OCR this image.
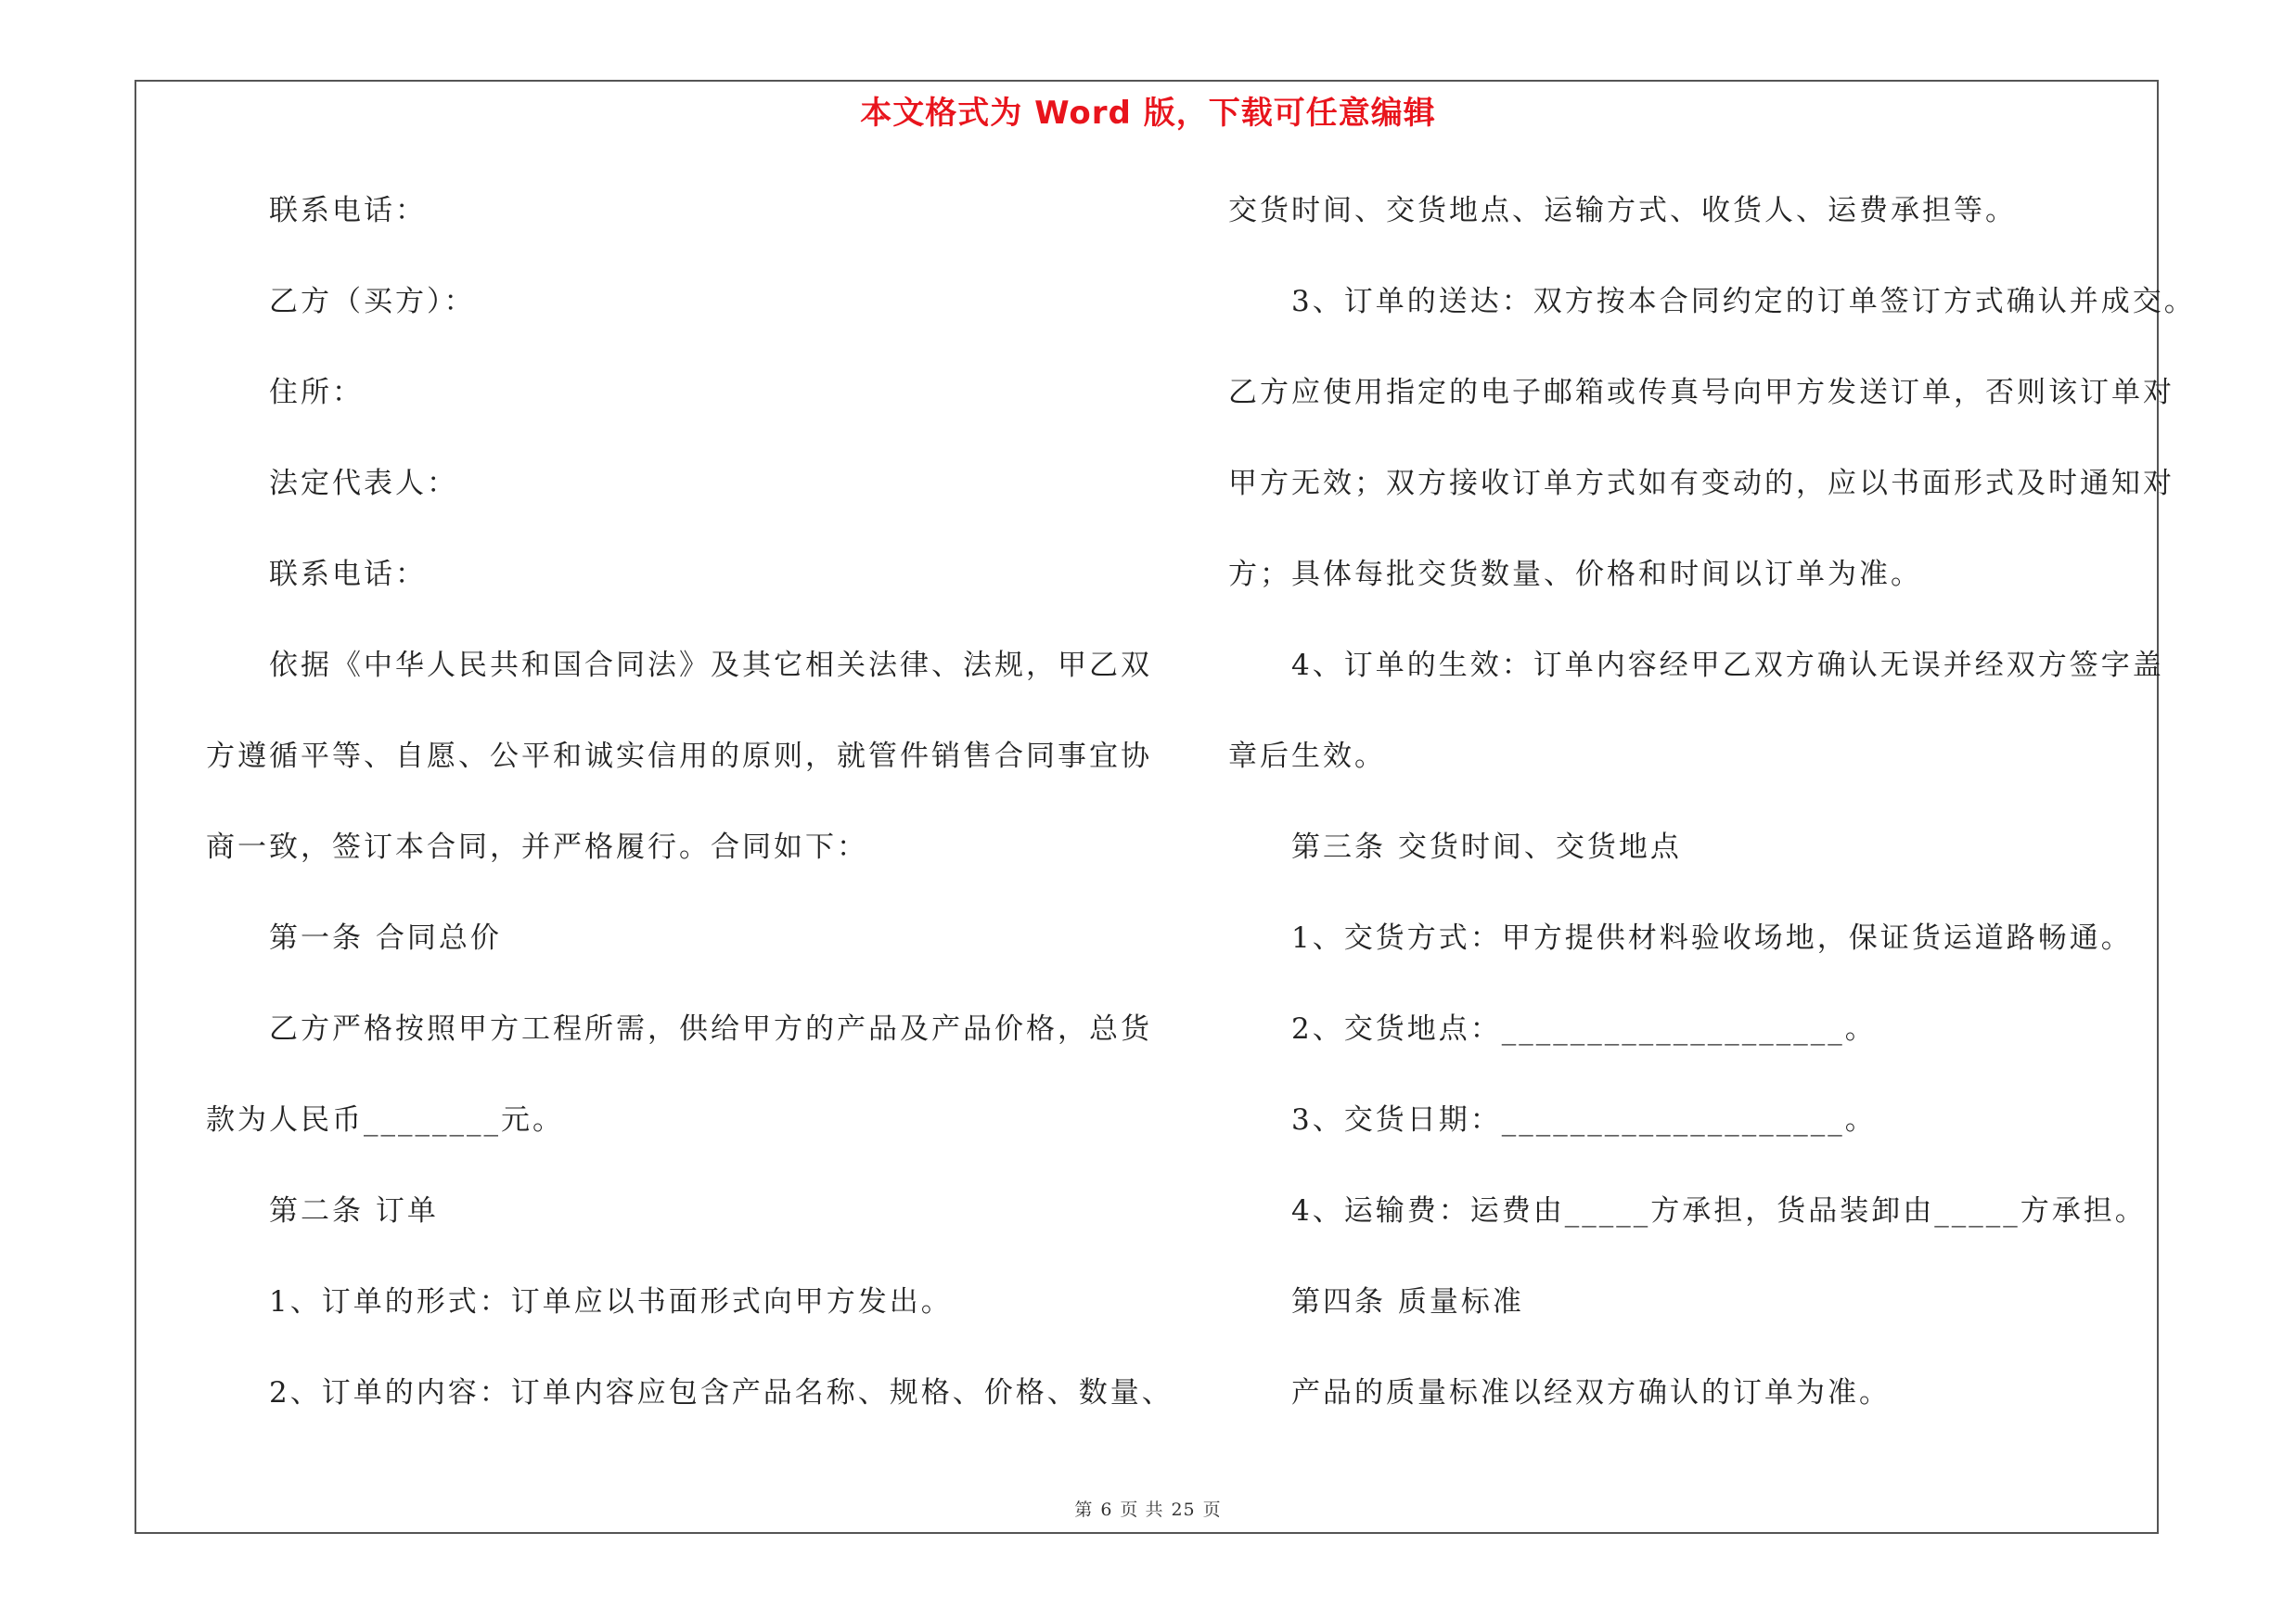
本文格式为 Word 版，下载可任意编辑
联系电话：
乙方（买方）：
住所：
法定代表人：
联系电话：
依据《中华人民共和国合同法》及其它相关法律、法规，甲乙双
方遵循平等、自愿、公平和诚实信用的原则，就管件销售合同事宜协
商一致，签订本合同，并严格履行。合同如下：
第一条 合同总价
乙方严格按照甲方工程所需，供给甲方的产品及产品价格，总货
款为人民币________元。
第二条 订单
1、订单的形式：订单应以书面形式向甲方发出。
2、订单的内容：订单内容应包含产品名称、规格、价格、数量、
交货时间、交货地点、运输方式、收货人、运费承担等。
3、订单的送达：双方按本合同约定的订单签订方式确认并成交。
乙方应使用指定的电子邮箱或传真号向甲方发送订单，否则该订单对
甲方无效；双方接收订单方式如有变动的，应以书面形式及时通知对
方；具体每批交货数量、价格和时间以订单为准。
4、订单的生效：订单内容经甲乙双方确认无误并经双方签字盖
章后生效。
第三条 交货时间、交货地点
1、交货方式：甲方提供材料验收场地，保证货运道路畅通。
2、交货地点：____________________。
3、交货日期：____________________。
4、运输费：运费由_____方承担，货品装卸由_____方承担。
第四条 质量标准
产品的质量标准以经双方确认的订单为准。
第 6 页 共 25 页
